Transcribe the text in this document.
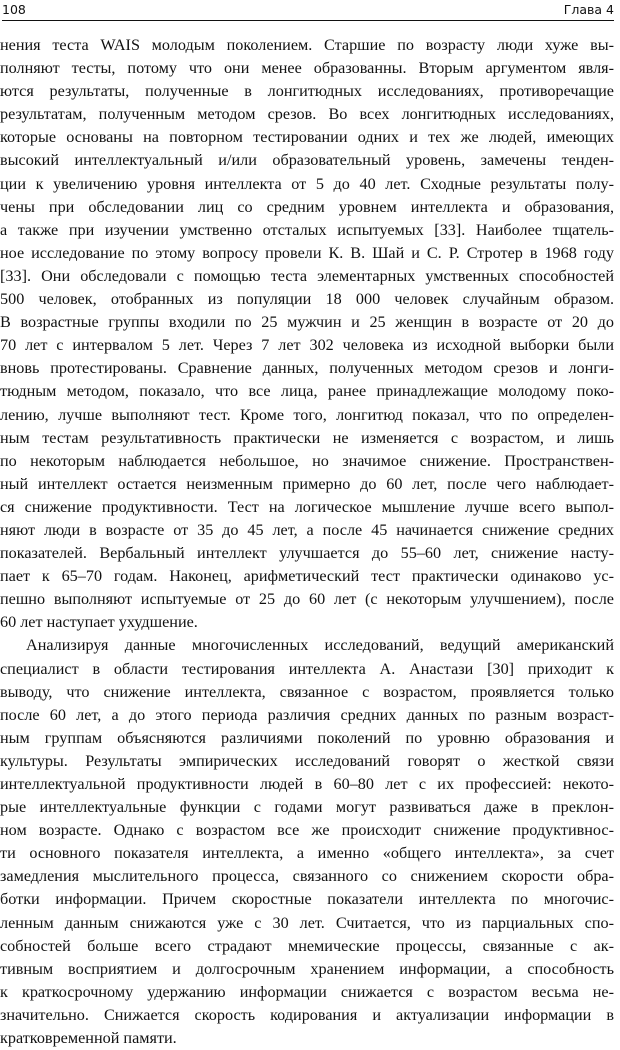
108	Глава 4
нения теста WAIS молодым поколением. Старшие по возрасту люди хуже вы-
полняют тесты, потому что они менее образованны. Вторым аргументом явля-
ются результаты, полученные в лонгитюдных исследованиях, противоречащие
результатам, полученным методом срезов. Во всех лонгитюдных исследованиях,
которые основаны на повторном тестировании одних и тех же людей, имеющих
высокий интеллектуальный и/или образовательный уровень, замечены тенден-
ции к увеличению уровня интеллекта от 5 до 40 лет. Сходные результаты полу-
чены при обследовании лиц со средним уровнем интеллекта и образования,
а также при изучении умственно отсталых испытуемых [33]. Наиболее тщатель-
ное исследование по этому вопросу провели К. В. Шай и С. Р. Стротер в 1968 году
[33]. Они обследовали с помощью теста элементарных умственных способностей
500 человек, отобранных из популяции 18 000 человек случайным образом.
В возрастные группы входили по 25 мужчин и 25 женщин в возрасте от 20 до
70 лет с интервалом 5 лет. Через 7 лет 302 человека из исходной выборки были
вновь протестированы. Сравнение данных, полученных методом срезов и лонги-
тюдным методом, показало, что все лица, ранее принадлежащие молодому поко-
лению, лучше выполняют тест. Кроме того, лонгитюд показал, что по определен-
ным тестам результативность практически не изменяется с возрастом, и лишь
по некоторым наблюдается небольшое, но значимое снижение. Пространствен-
ный интеллект остается неизменным примерно до 60 лет, после чего наблюдает-
ся снижение продуктивности. Тест на логическое мышление лучше всего выпол-
няют люди в возрасте от 35 до 45 лет, а после 45 начинается снижение средних
показателей. Вербальный интеллект улучшается до 55–60 лет, снижение насту-
пает к 65–70 годам. Наконец, арифметический тест практически одинаково ус-
пешно выполняют испытуемые от 25 до 60 лет (с некоторым улучшением), после
60 лет наступает ухудшение.
Анализируя данные многочисленных исследований, ведущий американский
специалист в области тестирования интеллекта А. Анастази [30] приходит к
выводу, что снижение интеллекта, связанное с возрастом, проявляется только
после 60 лет, а до этого периода различия средних данных по разным возраст-
ным группам объясняются различиями поколений по уровню образования и
культуры. Результаты эмпирических исследований говорят о жесткой связи
интеллектуальной продуктивности людей в 60–80 лет с их профессией: некото-
рые интеллектуальные функции с годами могут развиваться даже в преклон-
ном возрасте. Однако с возрастом все же происходит снижение продуктивнос-
ти основного показателя интеллекта, а именно «общего интеллекта», за счет
замедления мыслительного процесса, связанного со снижением скорости обра-
ботки информации. Причем скоростные показатели интеллекта по многочис-
ленным данным снижаются уже с 30 лет. Считается, что из парциальных спо-
собностей больше всего страдают мнемические процессы, связанные с ак-
тивным восприятием и долгосрочным хранением информации, а способность
к краткосрочному удержанию информации снижается с возрастом весьма не-
значительно. Снижается скорость кодирования и актуализации информации в
кратковременной памяти.
